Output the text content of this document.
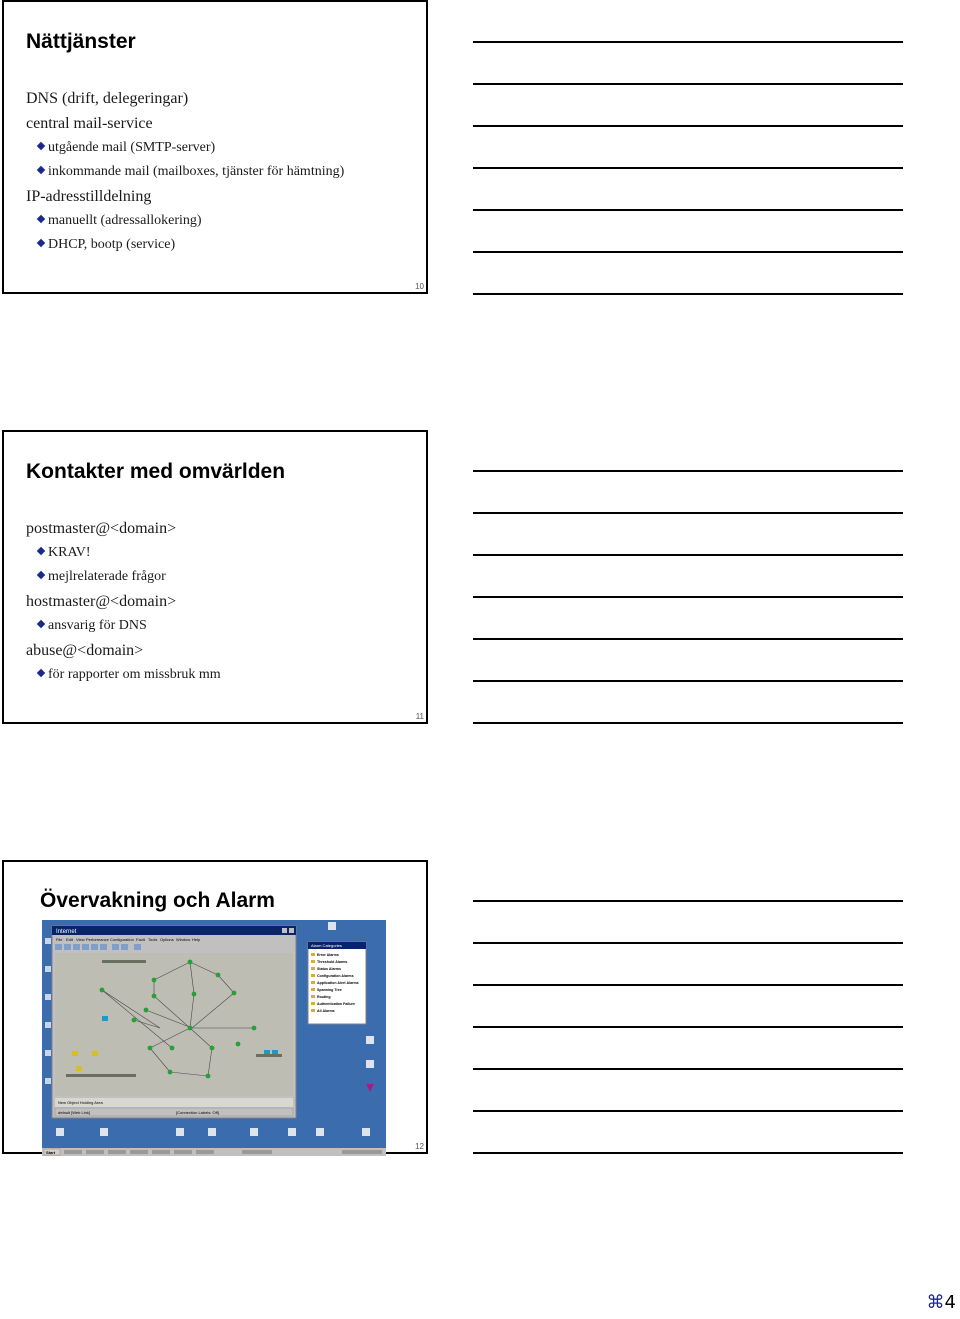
Nättjänster
DNS (drift, delegeringar)
central mail-service
utgående mail (SMTP-server)
inkommande mail (mailboxes, tjänster för hämtning)
IP-adresstilldelning
manuellt (adressallokering)
DHCP, bootp (service)
10
Kontakter med omvärlden
postmaster@<domain>
KRAV!
mejlrelaterade frågor
hostmaster@<domain>
ansvarig för DNS
abuse@<domain>
för rapporter om missbruk mm
11
Övervakning och Alarm
Internet
File Edit View Performance Configuration Fault Tools Options Window Help
New Object Holding Area
default [Web Link]	[Connection Labels: Off]
Alarm Categories
Error Alarms
Threshold Alarms
Status Alarms
Configuration Alarms
Application Alert Alarms
Spanning Tree
Routing
Authentication Failure
All Alarms
Start
12
⌘4
